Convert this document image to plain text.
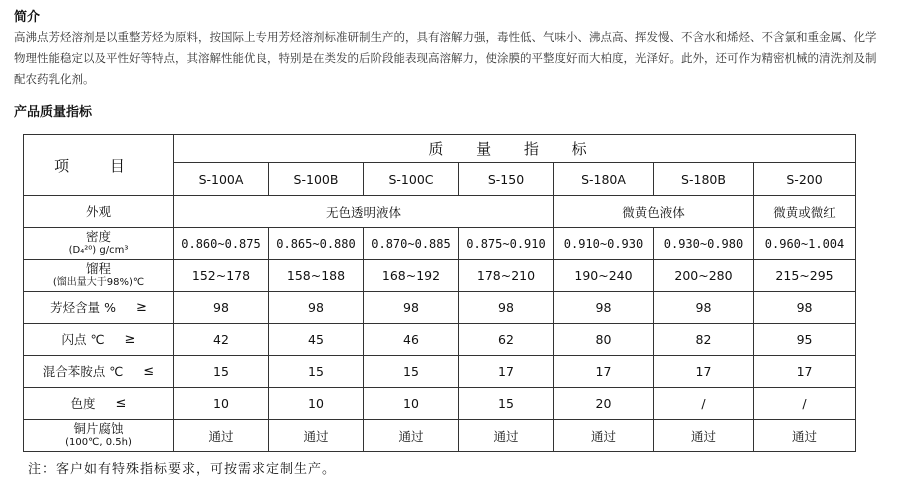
简介
高沸点芳烃溶剂是以重整芳烃为原料，按国际上专用芳烃溶剂标准研制生产的，具有溶解力强，毒性低、气味小、沸点高、挥发慢、不含水和烯烃、不含氯和重金属、化学物理性能稳定以及平性好等特点，其溶解性能优良，特别是在类发的后阶段能表现高溶解力，使涂膜的平整度好而大柏度，光泽好。此外，还可作为精密机械的清洗剂及制配农药乳化剂。
产品质量指标
项 目	质 量 指 标						
	S-100A	S-100B	S-100C	S-150	S-180A	S-180B	S-200
外观	无色透明液体				微黄色液体		微黄或微红

密度
(D₄²⁰) g/cm³	0.860~0.875	0.865~0.880	0.870~0.885	0.875~0.910	0.910~0.930	0.930~0.980	0.960~1.004

馏程
(馏出量大于98%)℃	152~178	158~188	168~192	178~210	190~240	200~280	215~295

芳烃含量 % ≥	98	98	98	98	98	98	98

闪点 ℃ ≥	42	45	46	62	80	82	95

混合苯胺点 ℃ ≤	15	15	15	17	17	17	17

色度 ≤	10	10	10	15	20	/	/

铜片腐蚀
(100℃, 0.5h)	通过	通过	通过	通过	通过	通过	通过
注：客户如有特殊指标要求，可按需求定制生产。
